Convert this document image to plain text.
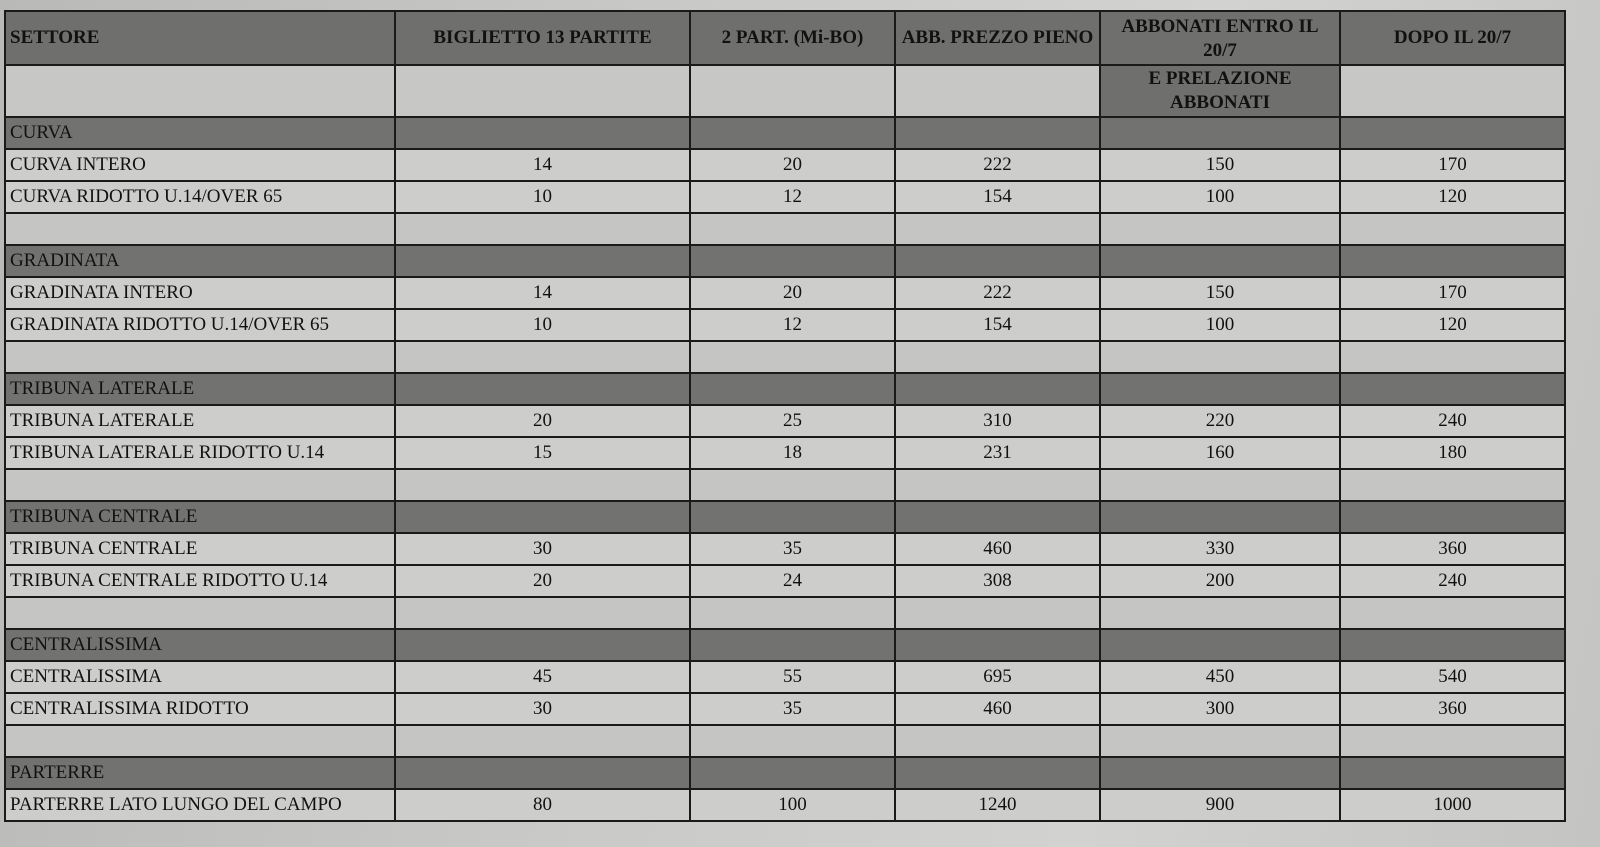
SETTORE	BIGLIETTO 13 PARTITE	2 PART. (Mi-BO)	ABB. PREZZO PIENO	ABBONATI ENTRO IL 20/7	DOPO IL 20/7
				E PRELAZIONE ABBONATI	
CURVA					
CURVA INTERO	14	20	222	150	170
CURVA RIDOTTO U.14/OVER 65	10	12	154	100	120

GRADINATA					
GRADINATA INTERO	14	20	222	150	170
GRADINATA RIDOTTO U.14/OVER 65	10	12	154	100	120

TRIBUNA LATERALE					
TRIBUNA LATERALE	20	25	310	220	240
TRIBUNA LATERALE RIDOTTO U.14	15	18	231	160	180

TRIBUNA CENTRALE					
TRIBUNA CENTRALE	30	35	460	330	360
TRIBUNA CENTRALE RIDOTTO U.14	20	24	308	200	240

CENTRALISSIMA					
CENTRALISSIMA	45	55	695	450	540
CENTRALISSIMA RIDOTTO	30	35	460	300	360

PARTERRE					
PARTERRE LATO LUNGO DEL CAMPO	80	100	1240	900	1000
